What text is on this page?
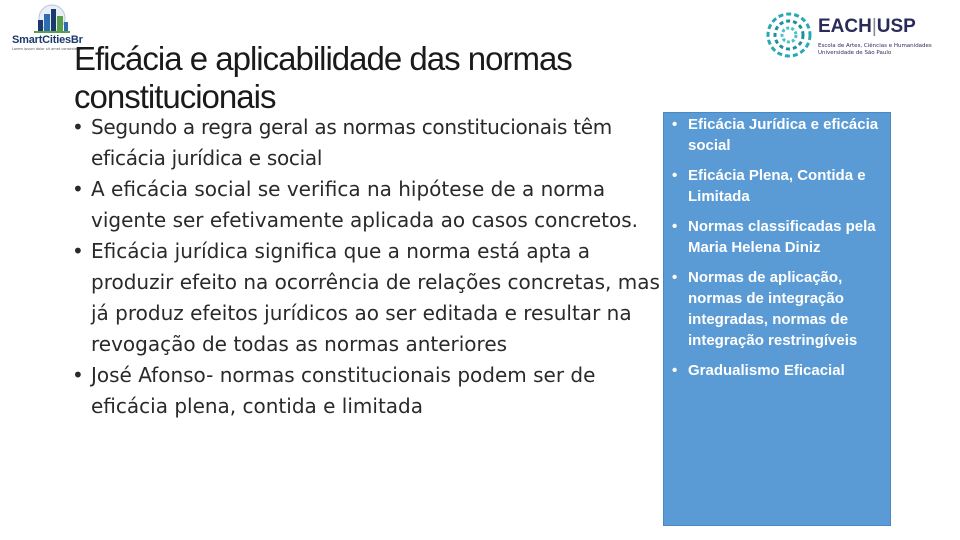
SmartCitiesBr
Lorem ipsum dolor sit amet consectetur
EACH|USP
Escola de Artes, Ciências e Humanidades
Universidade de São Paulo
Eficácia e aplicabilidade das normas constitucionais
• Segundo a regra geral as normas constitucionais têm eficácia jurídica e social
• A eficácia social se verifica na hipótese de a norma vigente ser efetivamente aplicada ao casos concretos.
• Eficácia jurídica significa que a norma está apta a produzir efeito na ocorrência de relações concretas, mas já produz efeitos jurídicos ao ser editada e resultar na revogação de todas as normas anteriores
• José Afonso- normas constitucionais podem ser de eficácia plena, contida e limitada
• Eficácia Jurídica e eficácia social
• Eficácia Plena, Contida e Limitada
• Normas classificadas pela Maria Helena Diniz
• Normas de aplicação, normas de integração integradas, normas de integração restringíveis
• Gradualismo Eficacial
